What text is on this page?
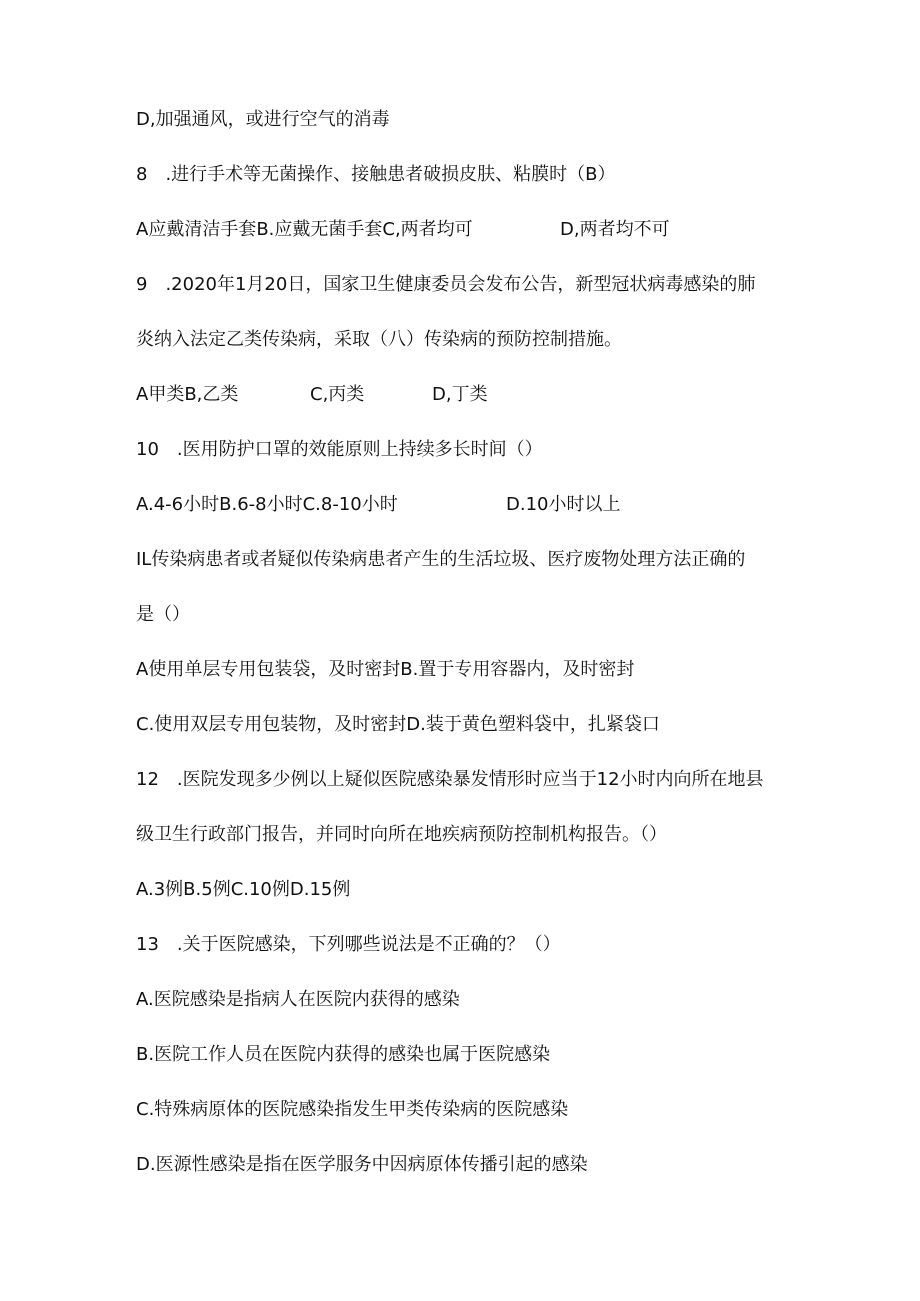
D,加强通风，或进行空气的消毒
8　.进行手术等无菌操作、接触患者破损皮肤、粘膜时（B）
A应戴清洁手套B.应戴无菌手套C,两者均可	D,两者均不可
9　.2020年1月20日，国家卫生健康委员会发布公告，新型冠状病毒感染的肺
炎纳入法定乙类传染病，采取（八）传染病的预防控制措施。
A甲类B,乙类	C,丙类	D,丁类
10　.医用防护口罩的效能原则上持续多长时间（）
A.4-6小时B.6-8小时C.8-10小时	D.10小时以上
IL传染病患者或者疑似传染病患者产生的生活垃圾、医疗废物处理方法正确的
是（）
A使用单层专用包装袋，及时密封B.置于专用容器内，及时密封
C.使用双层专用包装物，及时密封D.装于黄色塑料袋中，扎紧袋口
12　.医院发现多少例以上疑似医院感染暴发情形时应当于12小时内向所在地县
级卫生行政部门报告，并同时向所在地疾病预防控制机构报告。（）
A.3例B.5例C.10例D.15例
13　.关于医院感染，下列哪些说法是不正确的？（）
A.医院感染是指病人在医院内获得的感染
B.医院工作人员在医院内获得的感染也属于医院感染
C.特殊病原体的医院感染指发生甲类传染病的医院感染
D.医源性感染是指在医学服务中因病原体传播引起的感染
